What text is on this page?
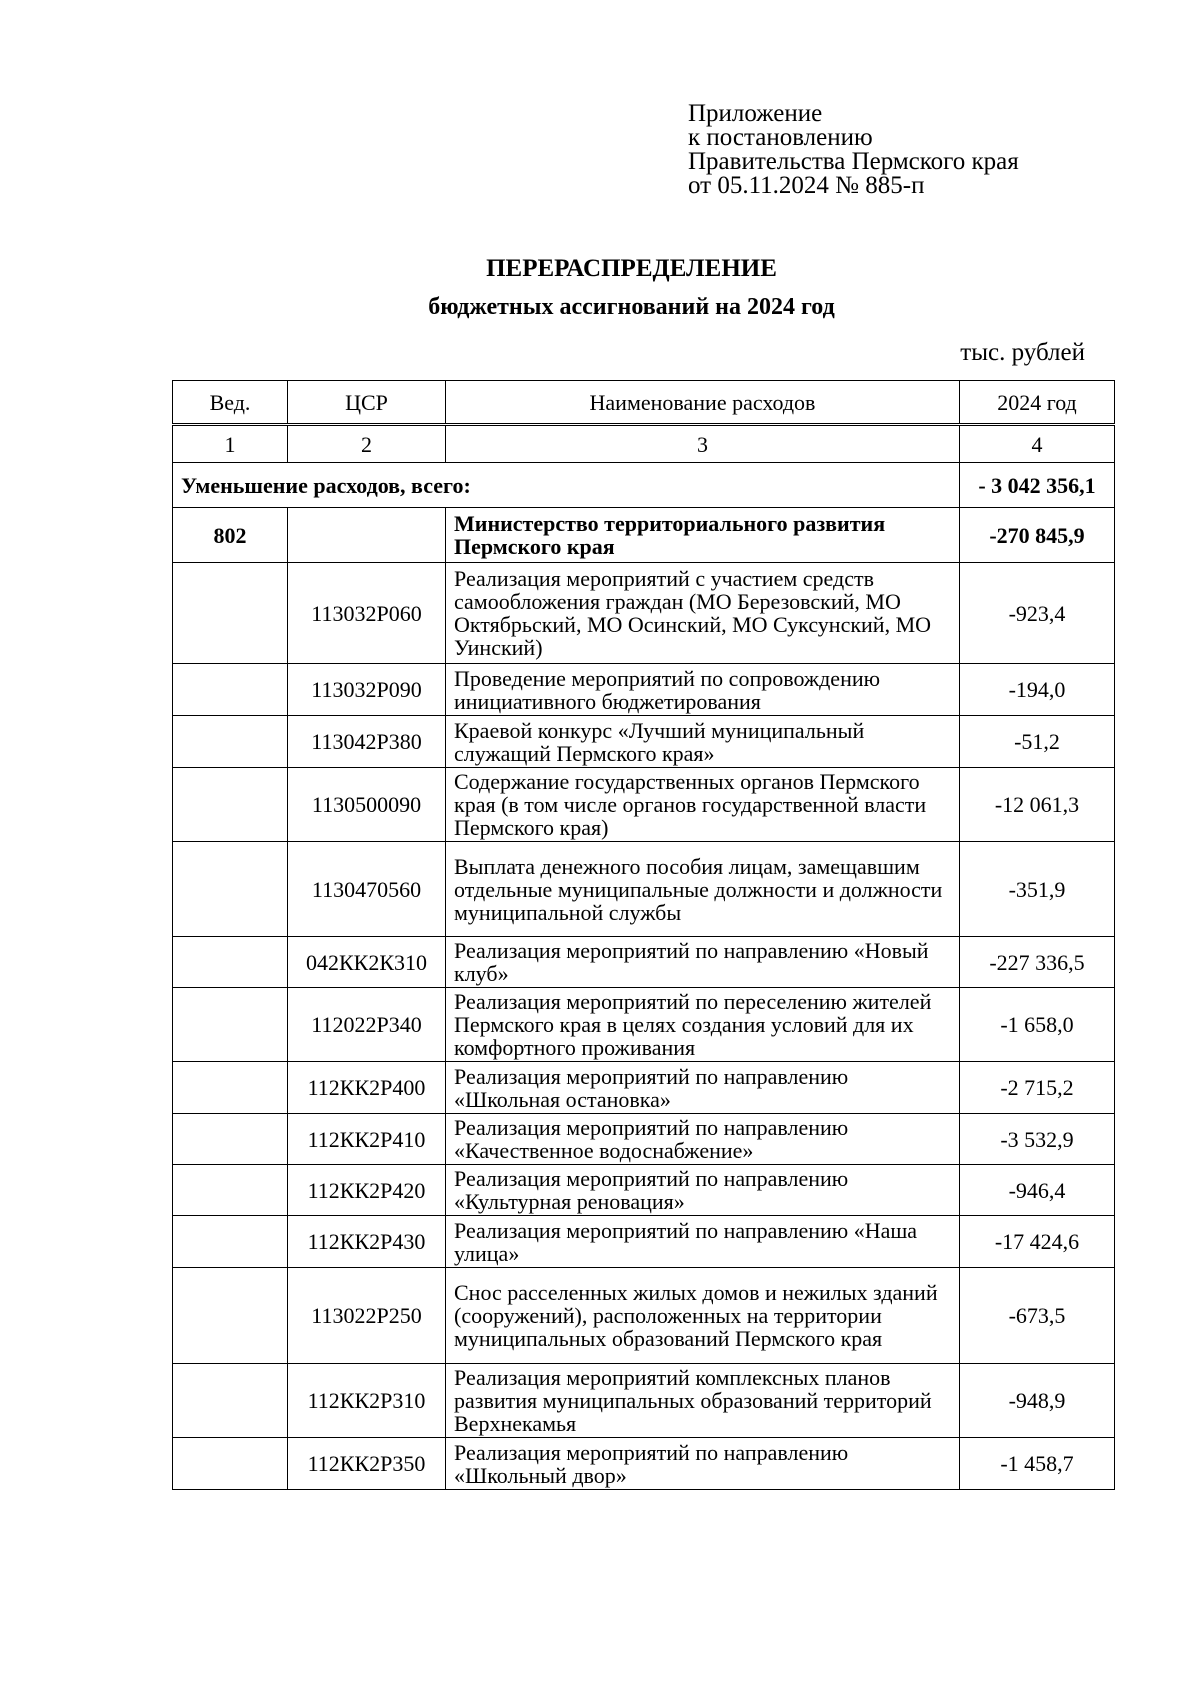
Приложение
к постановлению
Правительства Пермского края
от 05.11.2024 № 885-п
ПЕРЕРАСПРЕДЕЛЕНИЕ
бюджетных ассигнований на 2024 год
тыс. рублей
Вед.	ЦСР	Наименование расходов	2024 год
1	2	3	4
Уменьшение расходов, всего:			- 3 042 356,1
802		Министерство территориального развития Пермского края	-270 845,9
	113032P060	Реализация мероприятий с участием средств самообложения граждан (МО Березовский, МО Октябрьский, МО Осинский, МО Суксунский, МО Уинский)	-923,4
	113032P090	Проведение мероприятий по сопровождению инициативного бюджетирования	-194,0
	113042P380	Краевой конкурс «Лучший муниципальный служащий Пермского края»	-51,2
	1130500090	Содержание государственных органов Пермского края (в том числе органов государственной власти Пермского края)	-12 061,3
	1130470560	Выплата денежного пособия лицам, замещавшим отдельные муниципальные должности и должности муниципальной службы	-351,9
	042КК2К310	Реализация мероприятий по направлению «Новый клуб»	-227 336,5
	112022P340	Реализация мероприятий по переселению жителей Пермского края в целях создания условий для их комфортного проживания	-1 658,0
	112КК2P400	Реализация мероприятий по направлению «Школьная остановка»	-2 715,2
	112КК2P410	Реализация мероприятий по направлению «Качественное водоснабжение»	-3 532,9
	112КК2P420	Реализация мероприятий по направлению «Культурная реновация»	-946,4
	112КК2P430	Реализация мероприятий по направлению «Наша улица»	-17 424,6
	113022P250	Снос расселенных жилых домов и нежилых зданий (сооружений), расположенных на территории муниципальных образований Пермского края	-673,5
	112КК2P310	Реализация мероприятий комплексных планов развития муниципальных образований территорий Верхнекамья	-948,9
	112КК2P350	Реализация мероприятий по направлению «Школьный двор»	-1 458,7
